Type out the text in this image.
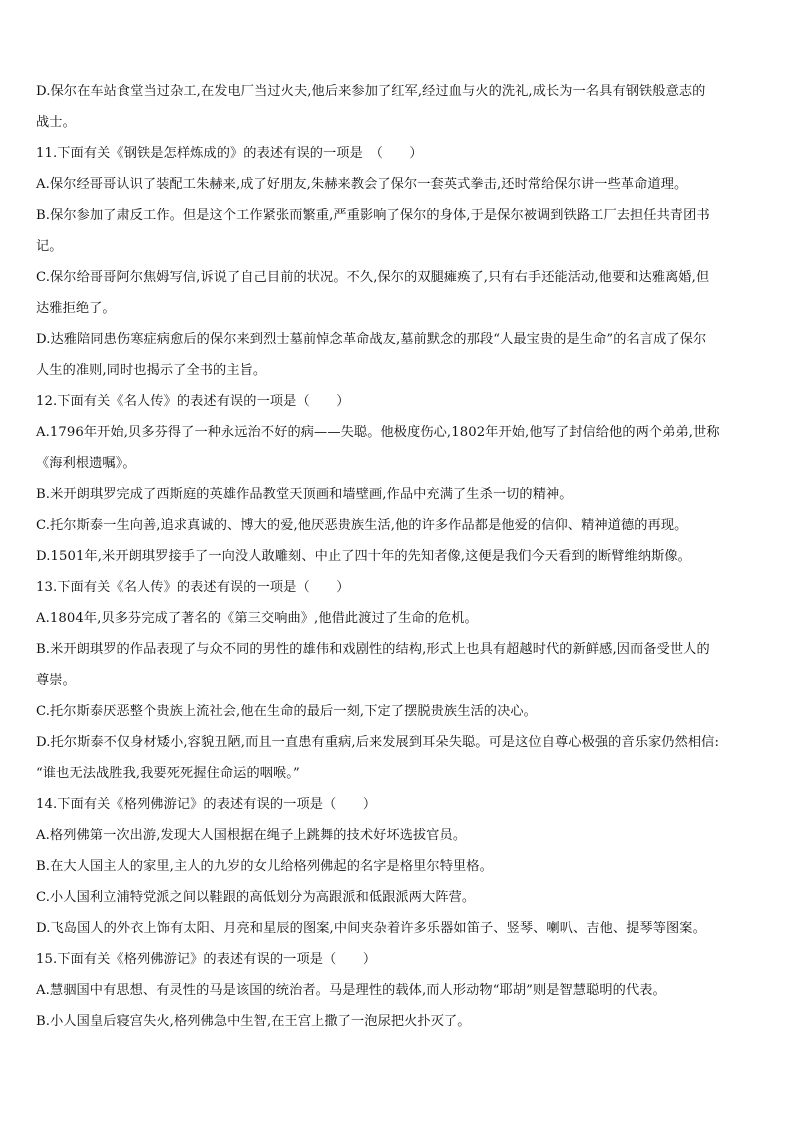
D.保尔在车站食堂当过杂工,在发电厂当过火夫,他后来参加了红军,经过血与火的洗礼,成长为一名具有钢铁般意志的
战士。
11.下面有关《钢铁是怎样炼成的》的表述有误的一项是　（　　）
A.保尔经哥哥认识了装配工朱赫来,成了好朋友,朱赫来教会了保尔一套英式拳击,还时常给保尔讲一些革命道理。
B.保尔参加了肃反工作。但是这个工作紧张而繁重,严重影响了保尔的身体,于是保尔被调到铁路工厂去担任共青团书
记。
C.保尔给哥哥阿尔焦姆写信,诉说了自己目前的状况。不久,保尔的双腿瘫痪了,只有右手还能活动,他要和达雅离婚,但
达雅拒绝了。
D.达雅陪同患伤寒症病愈后的保尔来到烈士墓前悼念革命战友,墓前默念的那段“人最宝贵的是生命”的名言成了保尔
人生的准则,同时也揭示了全书的主旨。
12.下面有关《名人传》的表述有误的一项是（　　）
A.1796年开始,贝多芬得了一种永远治不好的病——失聪。他极度伤心,1802年开始,他写了封信给他的两个弟弟,世称
《海利根遗嘱》。
B.米开朗琪罗完成了西斯庭的英雄作品教堂天顶画和墙壁画,作品中充满了生杀一切的精神。
C.托尔斯泰一生向善,追求真诚的、博大的爱,他厌恶贵族生活,他的许多作品都是他爱的信仰、精神道德的再现。
D.1501年,米开朗琪罗接手了一向没人敢雕刻、中止了四十年的先知者像,这便是我们今天看到的断臂维纳斯像。
13.下面有关《名人传》的表述有误的一项是（　　）
A.1804年,贝多芬完成了著名的《第三交响曲》,他借此渡过了生命的危机。
B.米开朗琪罗的作品表现了与众不同的男性的雄伟和戏剧性的结构,形式上也具有超越时代的新鲜感,因而备受世人的
尊崇。
C.托尔斯泰厌恶整个贵族上流社会,他在生命的最后一刻,下定了摆脱贵族生活的决心。
D.托尔斯泰不仅身材矮小,容貌丑陋,而且一直患有重病,后来发展到耳朵失聪。可是这位自尊心极强的音乐家仍然相信:
“谁也无法战胜我,我要死死握住命运的咽喉。”
14.下面有关《格列佛游记》的表述有误的一项是（　　）
A.格列佛第一次出游,发现大人国根据在绳子上跳舞的技术好坏选拔官员。
B.在大人国主人的家里,主人的九岁的女儿给格列佛起的名字是格里尔特里格。
C.小人国利立浦特党派之间以鞋跟的高低划分为高跟派和低跟派两大阵营。
D.飞岛国人的外衣上饰有太阳、月亮和星辰的图案,中间夹杂着许多乐器如笛子、竖琴、喇叭、吉他、提琴等图案。
15.下面有关《格列佛游记》的表述有误的一项是（　　）
A.慧骃国中有思想、有灵性的马是该国的统治者。马是理性的载体,而人形动物“耶胡”则是智慧聪明的代表。
B.小人国皇后寝宫失火,格列佛急中生智,在王宫上撒了一泡尿把火扑灭了。
